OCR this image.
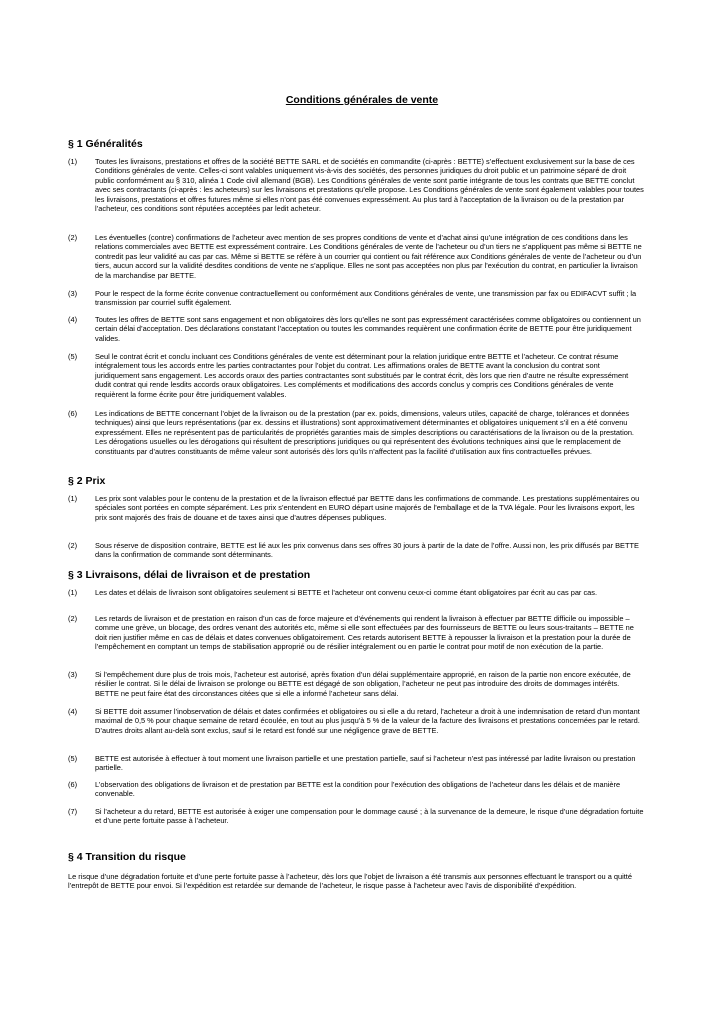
Conditions générales de vente
§ 1 Généralités
(1)	Toutes les livraisons, prestations et offres de la société BETTE SARL et de sociétés en commandite (ci-après : BETTE) s’effectuent exclusivement sur la base de ces Conditions générales de vente. Celles-ci sont valables uniquement vis-à-vis des sociétés, des personnes juridiques du droit public et un patrimoine séparé de droit public conformément au § 310, alinéa 1 Code civil allemand (BGB). Les Conditions générales de vente sont partie intégrante de tous les contrats que BETTE conclut avec ses contractants (ci-après : les acheteurs) sur les livraisons et prestations qu’elle propose. Les Conditions générales de vente sont également valables pour toutes les livraisons, prestations et offres futures même si elles n’ont pas été convenues expressément. Au plus tard à l’acceptation de la livraison ou de la prestation par l’acheteur, ces conditions sont réputées acceptées par ledit acheteur.
(2)	Les éventuelles (contre) confirmations de l’acheteur avec mention de ses propres conditions de vente et d’achat ainsi qu’une intégration de ces conditions dans les relations commerciales avec BETTE est expressément contraire. Les Conditions générales de vente de l’acheteur ou d’un tiers ne s’appliquent pas même si BETTE ne contredit pas leur validité au cas par cas. Même si BETTE se réfère à un courrier qui contient ou fait référence aux Conditions générales de vente de l’acheteur ou d’un tiers, aucun accord sur la validité desdites conditions de vente ne s’applique. Elles ne sont pas acceptées non plus par l’exécution du contrat, en particulier la livraison de la marchandise par BETTE.
(3)	Pour le respect de la forme écrite convenue contractuellement ou conformément aux Conditions générales de vente, une transmission par fax ou EDIFACVT suffit ; la transmission par courriel suffit également.
(4)	Toutes les offres de BETTE sont sans engagement et non obligatoires dès lors qu’elles ne sont pas expressément caractérisées comme obligatoires ou contiennent un certain délai d’acceptation. Des déclarations constatant l’acceptation ou toutes les commandes requièrent une confirmation écrite de BETTE pour être juridiquement valides.
(5)	Seul le contrat écrit et conclu incluant ces Conditions générales de vente est déterminant pour la relation juridique entre BETTE et l’acheteur. Ce contrat résume intégralement tous les accords entre les parties contractantes pour l’objet du contrat. Les affirmations orales de BETTE avant la conclusion du contrat sont juridiquement sans engagement. Les accords oraux des parties contractantes sont substitués par le contrat écrit, dès lors que rien d’autre ne résulte expressément dudit contrat qui rende lesdits accords oraux obligatoires. Les compléments et modifications des accords conclus y compris ces Conditions générales de vente requièrent la forme écrite pour être juridiquement valables.
(6)	Les indications de BETTE concernant l’objet de la livraison ou de la prestation (par ex. poids, dimensions, valeurs utiles, capacité de charge, tolérances et données techniques) ainsi que leurs représentations (par ex. dessins et illustrations) sont approximativement déterminantes et obligatoires uniquement s’il en a été convenu expressément. Elles ne représentent pas de particularités de propriétés garanties mais de simples descriptions ou caractérisations de la livraison ou de la prestation. Les dérogations usuelles ou les dérogations qui résultent de prescriptions juridiques ou qui représentent des évolutions techniques ainsi que le remplacement de constituants par d’autres constituants de même valeur sont autorisés dès lors qu’ils n’affectent pas la facilité d’utilisation aux fins contractuelles prévues.
§ 2 Prix
(1)	Les prix sont valables pour le contenu de la prestation et de la livraison effectué par BETTE dans les confirmations de commande. Les prestations supplémentaires ou spéciales sont portées en compte séparément. Les prix s’entendent en EURO départ usine majorés de l’emballage et de la TVA légale. Pour les livraisons export, les prix sont majorés des frais de douane et de taxes ainsi que d’autres dépenses publiques.
(2)	Sous réserve de disposition contraire, BETTE est lié aux les prix convenus dans ses offres 30 jours à partir de la date de l’offre. Aussi non, les prix diffusés par BETTE dans la confirmation de commande sont déterminants.
§ 3 Livraisons, délai de livraison et de prestation
(1)	Les dates et délais de livraison sont obligatoires seulement si BETTE et l’acheteur ont convenu ceux-ci comme étant obligatoires par écrit au cas par cas.
(2)	Les retards de livraison et de prestation en raison d’un cas de force majeure et d’événements qui rendent la livraison à effectuer par BETTE difficile ou impossible – comme une grève, un blocage, des ordres venant des autorités etc, même si elle sont effectuées par des fournisseurs de BETTE ou leurs sous-traitants – BETTE ne doit rien justifier même en cas de délais et dates convenues obligatoirement. Ces retards autorisent BETTE à repousser la livraison et la prestation pour la durée de l’empêchement en comptant un temps de stabilisation approprié ou de résilier intégralement ou en partie le contrat pour motif de non exécution de la partie.
(3)	Si l’empêchement dure plus de trois mois, l’acheteur est autorisé, après fixation d’un délai supplémentaire approprié, en raison de la partie non encore exécutée, de résilier le contrat. Si le délai de livraison se prolonge ou BETTE est dégagé de son obligation, l’acheteur ne peut pas introduire des droits de dommages intérêts. BETTE ne peut faire état des circonstances citées que si elle a informé l’acheteur sans délai.
(4)	Si BETTE doit assumer l’inobservation de délais et dates confirmées et obligatoires ou si elle a du retard, l’acheteur a droit à une indemnisation de retard d’un montant maximal de 0,5 % pour chaque semaine de retard écoulée, en tout au plus jusqu’à 5 % de la valeur de la facture des livraisons et prestations concernées par le retard. D’autres droits allant au-delà sont exclus, sauf si le retard est fondé sur une négligence grave de BETTE.
(5)	BETTE est autorisée à effectuer à tout moment une livraison partielle et une prestation partielle, sauf si l’acheteur n’est pas intéressé par ladite livraison ou prestation partielle.
(6)	L’observation des obligations de livraison et de prestation par BETTE est la condition pour l’exécution des obligations de l’acheteur dans les délais et de manière convenable.
(7)	Si l’acheteur a du retard, BETTE est autorisée à exiger une compensation pour le dommage causé ; à la survenance de la demeure, le risque d’une dégradation fortuite et d’une perte fortuite passe à l’acheteur.
§ 4 Transition du risque
Le risque d’une dégradation fortuite et d’une perte fortuite passe à l’acheteur, dès lors que l’objet de livraison a été transmis aux personnes effectuant le transport ou a quitté l’entrepôt de BETTE pour envoi. Si l’expédition est retardée sur demande de l’acheteur, le risque passe à l’acheteur avec l’avis de disponibilité d’expédition.
